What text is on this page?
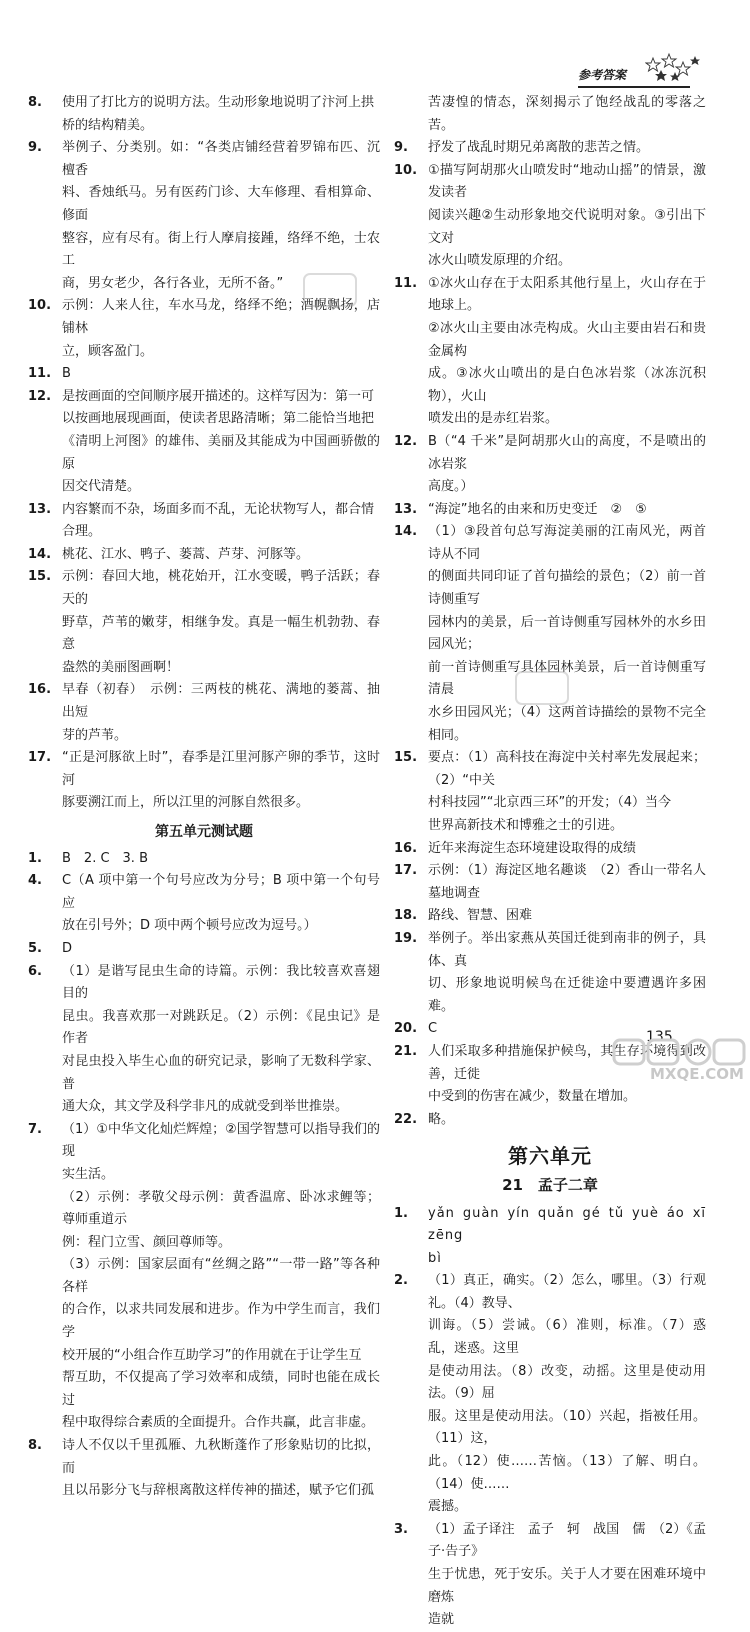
参考答案
8.	使用了打比方的说明方法。生动形象地说明了汴河上拱
桥的结构精美。
9.	举例子、分类别。如：“各类店铺经营着罗锦布匹、沉檀香
料、香烛纸马。另有医药门诊、大车修理、看相算命、修面
整容，应有尽有。街上行人摩肩接踵，络绎不绝，士农工
商，男女老少，各行各业，无所不备。”
10. 示例：人来人往，车水马龙，络绎不绝；酒幌飘扬，店铺林
立，顾客盈门。
11. B
12. 是按画面的空间顺序展开描述的。这样写因为：第一可
以按画地展现画面，使读者思路清晰；第二能恰当地把
《清明上河图》的雄伟、美丽及其能成为中国画骄傲的原
因交代清楚。
13. 内容繁而不杂，场面多而不乱，无论状物写人，都合情
合理。
14. 桃花、江水、鸭子、蒌蒿、芦芽、河豚等。
15. 示例：春回大地，桃花始开，江水变暖，鸭子活跃；春天的
野草，芦苇的嫩芽，相继争发。真是一幅生机勃勃、春意
盎然的美丽图画啊！
16. 早春（初春）　示例：三两枝的桃花、满地的蒌蒿、抽出短
芽的芦苇。
17. “正是河豚欲上时”，春季是江里河豚产卵的季节，这时河
豚要溯江而上，所以江里的河豚自然很多。
第五单元测试题
1.	B　2. C　3. B
4.	C（A 项中第一个句号应改为分号；B 项中第一个句号应
放在引号外；D 项中两个顿号应改为逗号。）
5.	D
6.	（1）是谐写昆虫生命的诗篇。示例：我比较喜欢喜翅目的
昆虫。我喜欢那一对跳跃足。（2）示例：《昆虫记》是作者
对昆虫投入毕生心血的研究记录，影响了无数科学家、普
通大众，其文学及科学非凡的成就受到举世推崇。
7.	（1）①中华文化灿烂辉煌；②国学智慧可以指导我们的现
实生活。
（2）示例：孝敬父母示例：黄香温席、卧冰求鲤等；尊师重道示
例：程门立雪、颜回尊师等。
（3）示例：国家层面有“丝绸之路”“一带一路”等各种各样
的合作，以求共同发展和进步。作为中学生而言，我们学
校开展的“小组合作互助学习”的作用就在于让学生互
帮互助，不仅提高了学习效率和成绩，同时也能在成长过
程中取得综合素质的全面提升。合作共赢，此言非虚。
8.	诗人不仅以千里孤雁、九秋断蓬作了形象贴切的比拟，而
且以吊影分飞与辞根离散这样传神的描述，赋予它们孤
苦凄惶的情态，深刻揭示了饱经战乱的零落之苦。
9.	抒发了战乱时期兄弟离散的悲苦之情。
10. ①描写阿胡那火山喷发时“地动山摇”的情景，激发读者
阅读兴趣②生动形象地交代说明对象。③引出下文对
冰火山喷发原理的介绍。
11. ①冰火山存在于太阳系其他行星上，火山存在于地球上。
②冰火山主要由冰壳构成。火山主要由岩石和贵金属构
成。③冰火山喷出的是白色冰岩浆（冰冻沉积物），火山
喷发出的是赤红岩浆。
12. B（“4 千米”是阿胡那火山的高度，不是喷出的冰岩浆
高度。）
13. “海淀”地名的由来和历史变迁　②　⑤
14. （1）③段首句总写海淀美丽的江南风光，两首诗从不同
的侧面共同印证了首句描绘的景色；（2）前一首诗侧重写
园林内的美景，后一首诗侧重写园林外的水乡田园风光；
前一首诗侧重写具体园林美景，后一首诗侧重写清晨
水乡田园风光；（4）这两首诗描绘的景物不完全相同。
15. 要点：（1）高科技在海淀中关村率先发展起来；（2）“中关
村科技园”“北京西三环”的开发；（4）当今
世界高新技术和博雅之士的引进。
16. 近年来海淀生态环境建设取得的成绩
17. 示例：（1）海淀区地名趣谈　（2）香山一带名人墓地调查
18. 路线、智慧、困难
19. 举例子。举出家燕从英国迁徙到南非的例子，具体、真
切、形象地说明候鸟在迁徙途中要遭遇许多困难。
20. C
21. 人们采取多种措施保护候鸟，其生存环境得到改善，迁徙
中受到的伤害在减少，数量在增加。
22. 略。
第六单元
21　孟子二章
1.	yǎn guàn yín quǎn gé tǔ yuè áo xī zēng
bì
2.	（1）真正，确实。（2）怎么，哪里。（3）行观礼。（4）教导、
训诲。（5）尝诫。（6）准则，标准。（7）惑乱，迷惑。这里
是使动用法。（8）改变，动摇。这里是使动用法。（9）屈
服。这里是使动用法。（10）兴起，指被任用。（11）这，
此。（12）使……苦恼。（13）了解、明白。（14）使……
震撼。
3.	（1）孟子译注　孟子　轲　战国　儒　（2）《孟子·告子》
生于忧患，死于安乐。关于人才要在困难环境中磨炼
造就
135
MXQE.COM
